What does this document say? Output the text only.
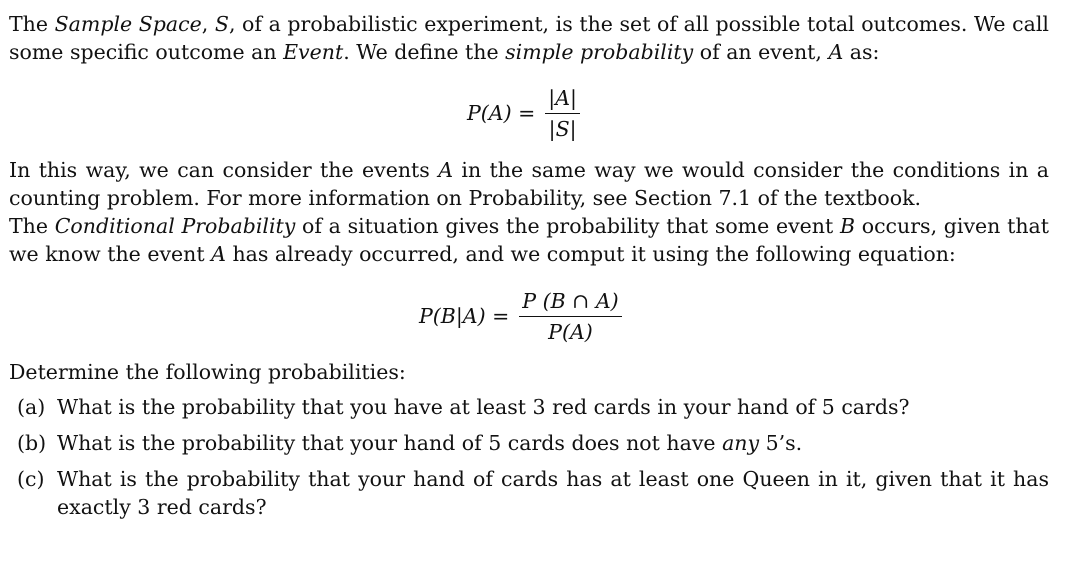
The Sample Space, S, of a probabilistic experiment, is the set of all possible total outcomes. We call some specific outcome an Event. We define the simple probability of an event, A as:

$P(A) = \frac{|A|}{|S|}$

In this way, we can consider the events A in the same way we would consider the conditions in a counting problem. For more information on Probability, see Section 7.1 of the textbook.

The Conditional Probability of a situation gives the probability that some event B occurs, given that we know the event A has already occurred, and we comput it using the following equation:

$P(B|A) = \frac{P (B \cap A)}{P(A)}$

Determine the following probabilities:

(a) What is the probability that you have at least 3 red cards in your hand of 5 cards?
(b) What is the probability that your hand of 5 cards does not have any 5’s.
(c) What is the probability that your hand of cards has at least one Queen in it, given that it has exactly 3 red cards?
